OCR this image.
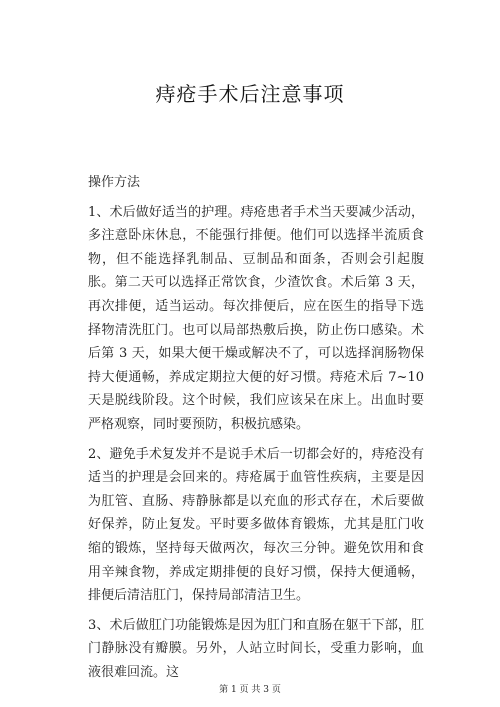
痔疮手术后注意事项
操作方法

1、术后做好适当的护理。痔疮患者手术当天要减少活动，多注意卧床休息，不能强行排便。他们可以选择半流质食物，但不能选择乳制品、豆制品和面条，否则会引起腹胀。第二天可以选择正常饮食，少渣饮食。术后第 3 天，再次排便，适当运动。每次排便后，应在医生的指导下选择物清洗肛门。也可以局部热敷后换，防止伤口感染。术后第 3 天，如果大便干燥或解决不了，可以选择润肠物保持大便通畅，养成定期拉大便的好习惯。痔疮术后 7~10 天是脱线阶段。这个时候，我们应该呆在床上。出血时要严格观察，同时要预防，积极抗感染。

2、避免手术复发并不是说手术后一切都会好的，痔疮没有适当的护理是会回来的。痔疮属于血管性疾病，主要是因为肛管、直肠、痔静脉都是以充血的形式存在，术后要做好保养，防止复发。平时要多做体育锻炼，尤其是肛门收缩的锻炼，坚持每天做两次，每次三分钟。避免饮用和食用辛辣食物，养成定期排便的良好习惯，保持大便通畅，排便后清洁肛门，保持局部清洁卫生。

3、术后做肛门功能锻炼是因为肛门和直肠在躯干下部，肛门静脉没有瓣膜。另外，人站立时间长，受重力影响，血液很难回流。这

第 1 页 共 3 页
